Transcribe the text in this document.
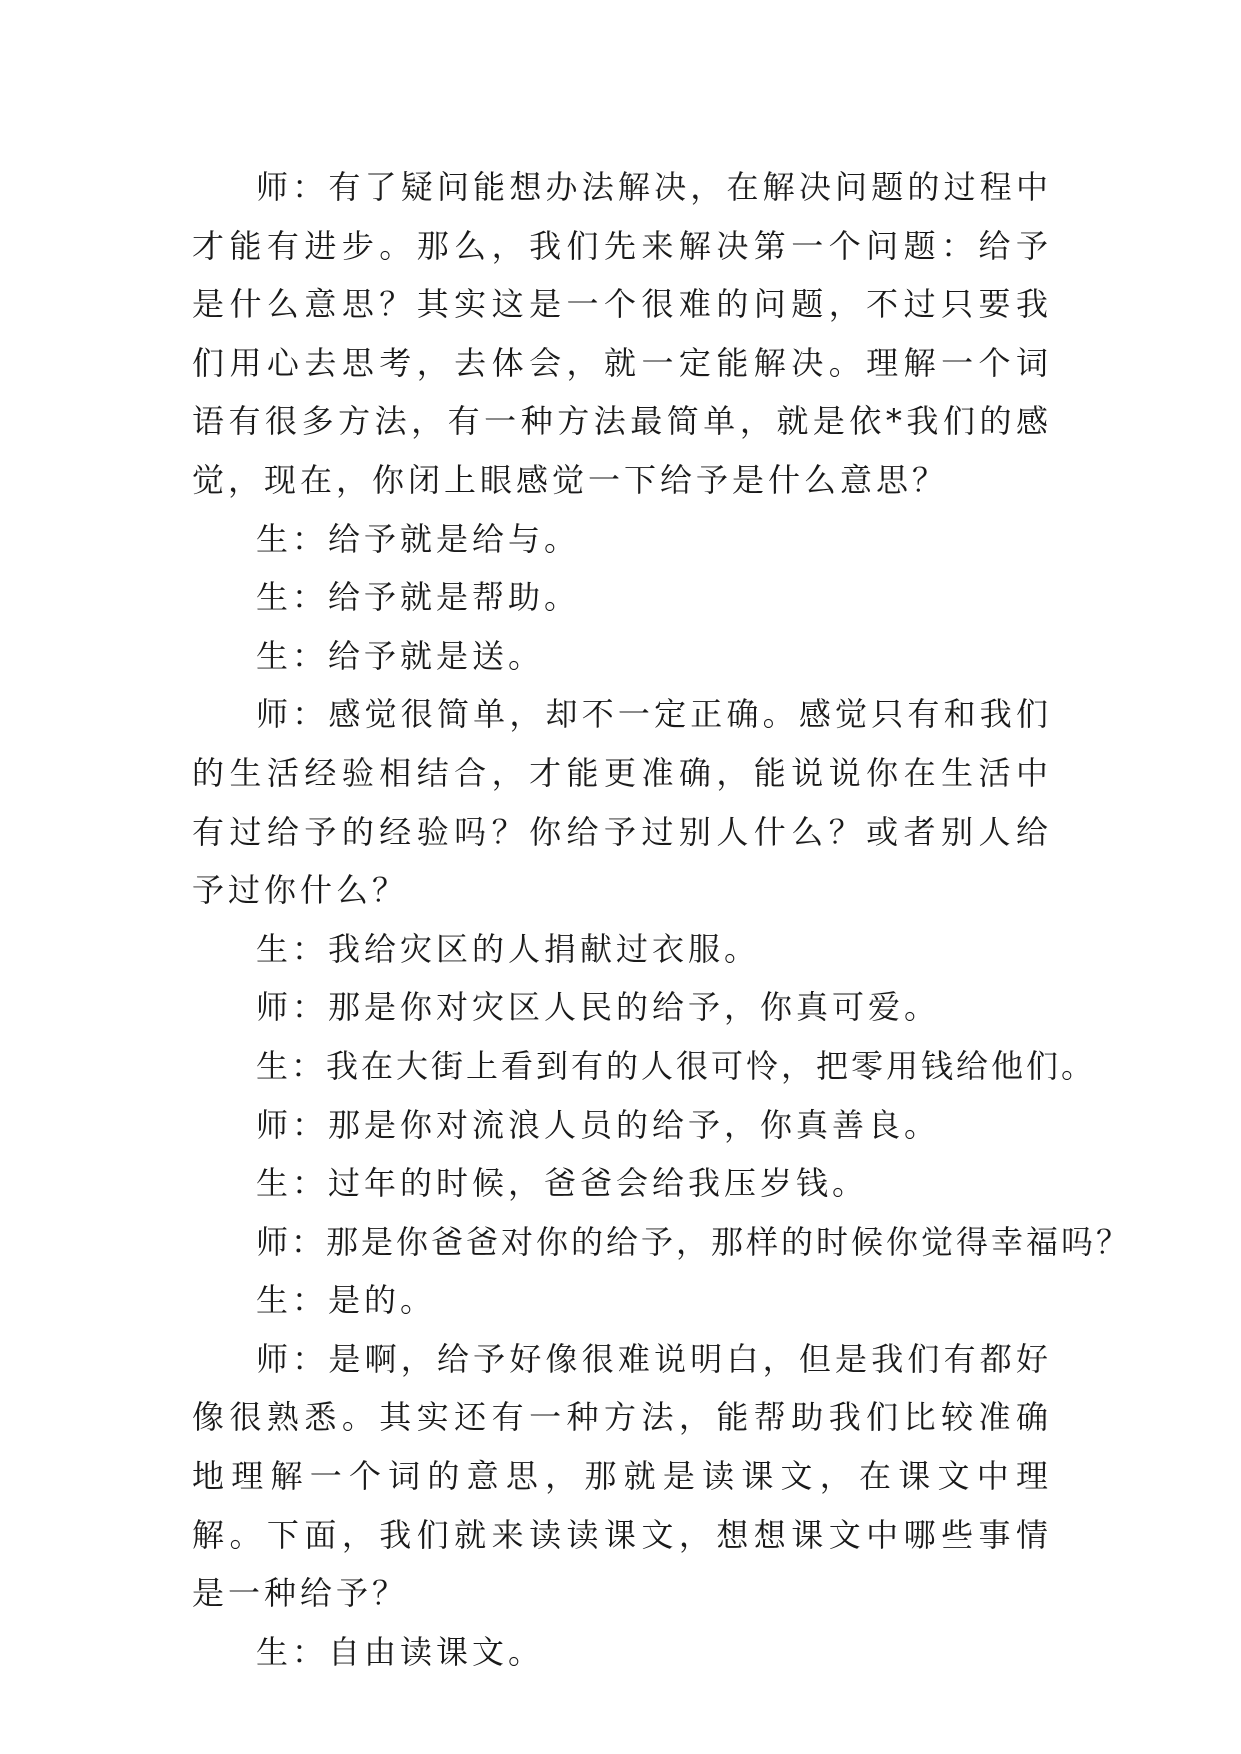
师：有了疑问能想办法解决，在解决问题的过程中才能有进步。那么，我们先来解决第一个问题：给予是什么意思？其实这是一个很难的问题，不过只要我们用心去思考，去体会，就一定能解决。理解一个词语有很多方法，有一种方法最简单，就是依*我们的感觉，现在，你闭上眼感觉一下给予是什么意思？

生：给予就是给与。

生：给予就是帮助。

生：给予就是送。

师：感觉很简单，却不一定正确。感觉只有和我们的生活经验相结合，才能更准确，能说说你在生活中有过给予的经验吗？你给予过别人什么？或者别人给予过你什么？

生：我给灾区的人捐献过衣服。

师：那是你对灾区人民的给予，你真可爱。

生：我在大街上看到有的人很可怜，把零用钱给他们。

师：那是你对流浪人员的给予，你真善良。

生：过年的时候，爸爸会给我压岁钱。

师：那是你爸爸对你的给予，那样的时候你觉得幸福吗？

生：是的。

师：是啊，给予好像很难说明白，但是我们有都好像很熟悉。其实还有一种方法，能帮助我们比较准确地理解一个词的意思，那就是读课文，在课文中理解。下面，我们就来读读课文，想想课文中哪些事情是一种给予？

生：自由读课文。
